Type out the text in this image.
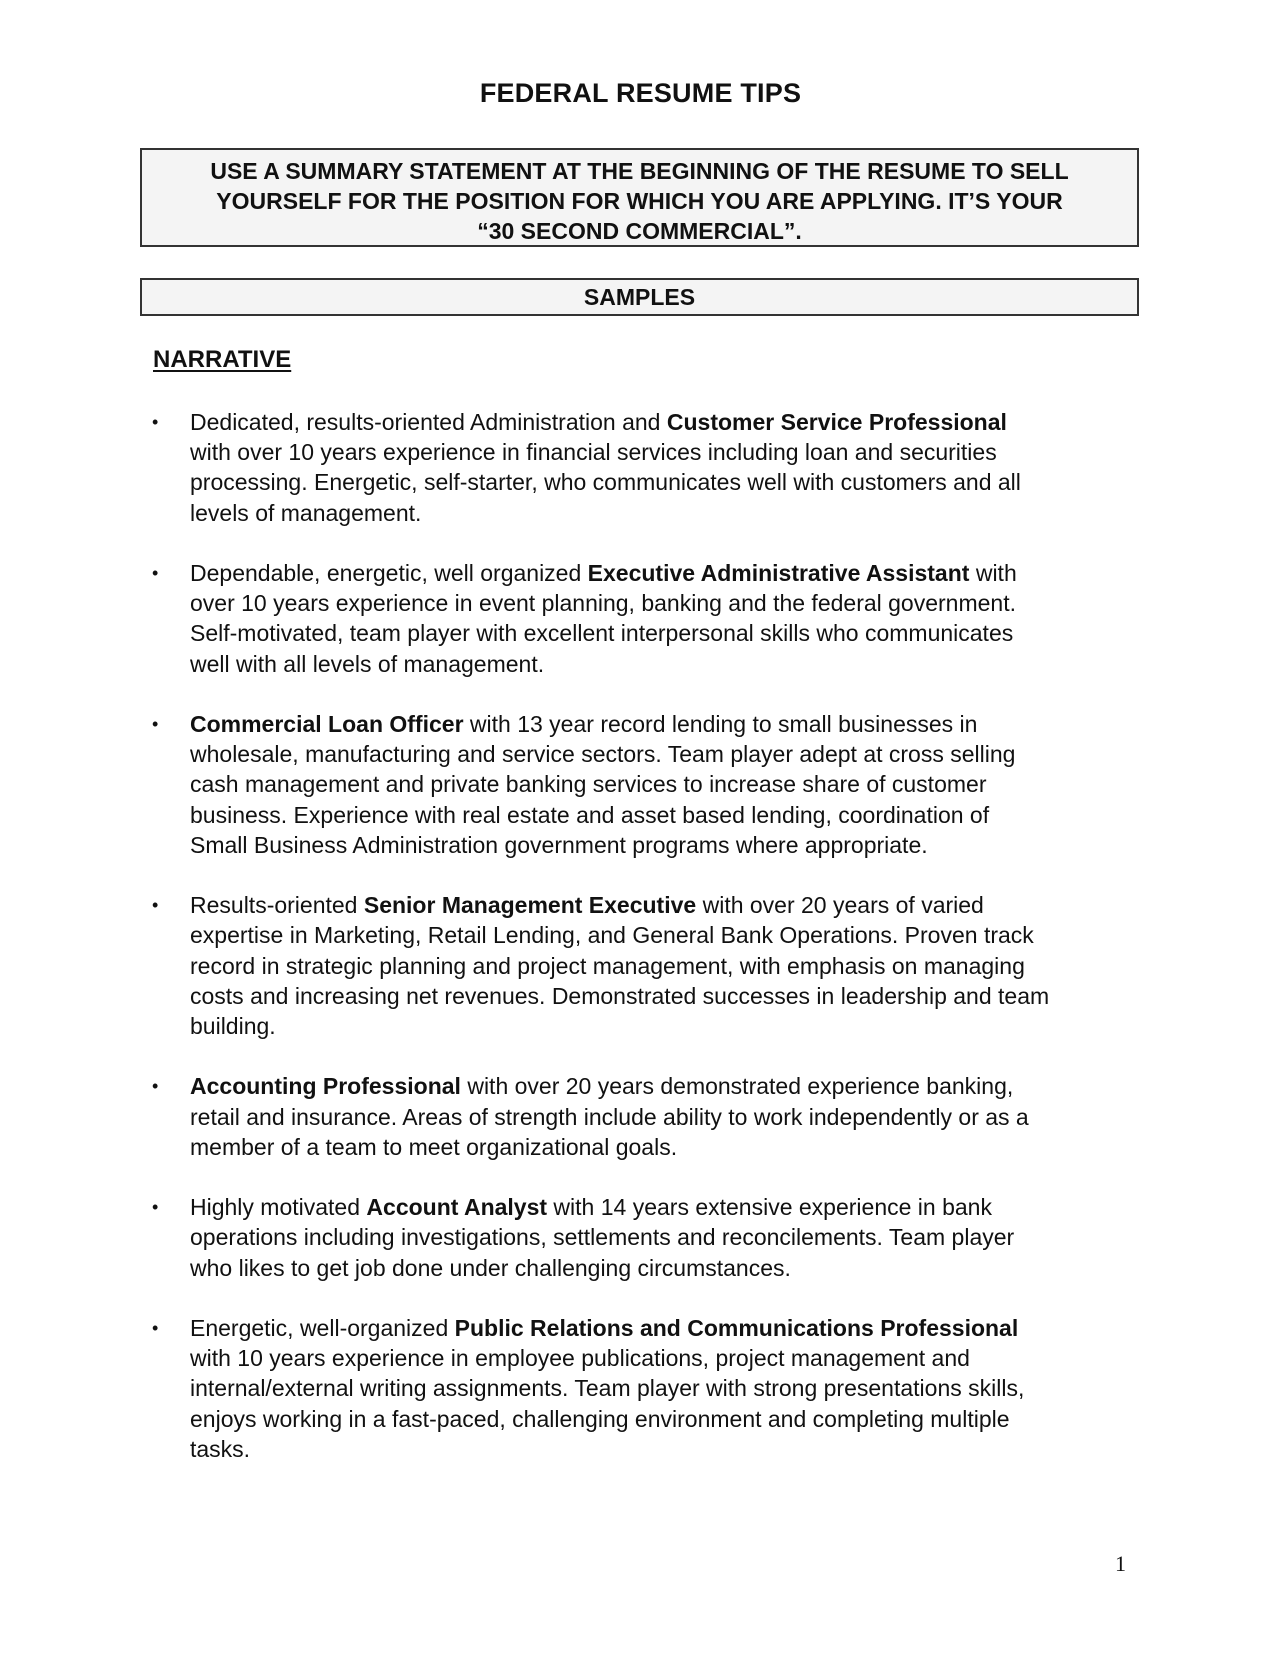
FEDERAL RESUME TIPS
USE A SUMMARY STATEMENT AT THE BEGINNING OF THE RESUME TO SELL
YOURSELF FOR THE POSITION FOR WHICH YOU ARE APPLYING. IT’S YOUR
“30 SECOND COMMERCIAL”.
SAMPLES
NARRATIVE
• Dedicated, results-oriented Administration and Customer Service Professional
with over 10 years experience in financial services including loan and securities
processing. Energetic, self-starter, who communicates well with customers and all
levels of management.
• Dependable, energetic, well organized Executive Administrative Assistant with
over 10 years experience in event planning, banking and the federal government.
Self-motivated, team player with excellent interpersonal skills who communicates
well with all levels of management.
• Commercial Loan Officer with 13 year record lending to small businesses in
wholesale, manufacturing and service sectors. Team player adept at cross selling
cash management and private banking services to increase share of customer
business. Experience with real estate and asset based lending, coordination of
Small Business Administration government programs where appropriate.
• Results-oriented Senior Management Executive with over 20 years of varied
expertise in Marketing, Retail Lending, and General Bank Operations. Proven track
record in strategic planning and project management, with emphasis on managing
costs and increasing net revenues. Demonstrated successes in leadership and team
building.
• Accounting Professional with over 20 years demonstrated experience banking,
retail and insurance. Areas of strength include ability to work independently or as a
member of a team to meet organizational goals.
• Highly motivated Account Analyst with 14 years extensive experience in bank
operations including investigations, settlements and reconcilements. Team player
who likes to get job done under challenging circumstances.
• Energetic, well-organized Public Relations and Communications Professional
with 10 years experience in employee publications, project management and
internal/external writing assignments. Team player with strong presentations skills,
enjoys working in a fast-paced, challenging environment and completing multiple
tasks.
1
